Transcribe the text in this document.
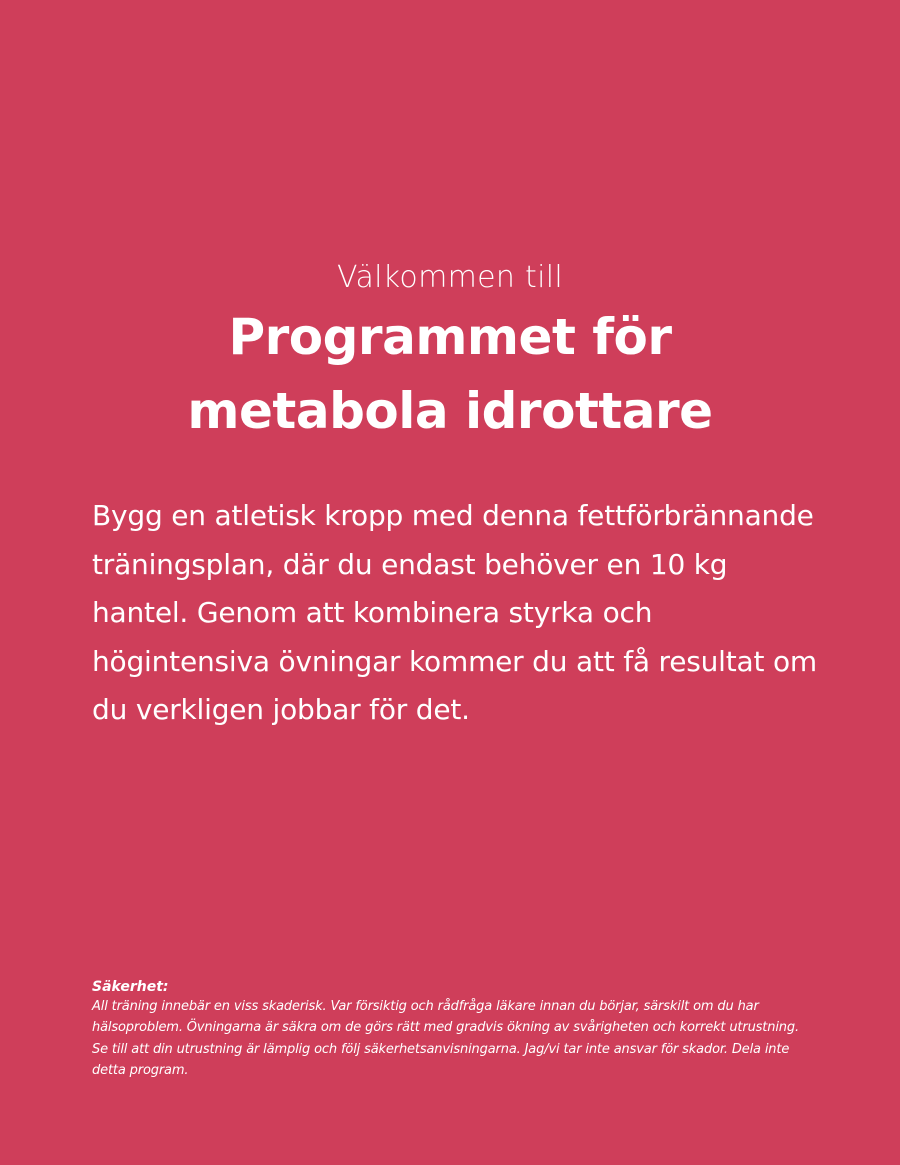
Välkommen till
Programmet för
metabola idrottare

Bygg en atletisk kropp med denna fettförbrännande träningsplan, där du endast behöver en 10 kg hantel. Genom att kombinera styrka och högintensiva övningar kommer du att få resultat om du verkligen jobbar för det.

Säkerhet:
All träning innebär en viss skaderisk. Var försiktig och rådfråga läkare innan du börjar, särskilt om du har hälsoproblem. Övningarna är säkra om de görs rätt med gradvis ökning av svårigheten och korrekt utrustning. Se till att din utrustning är lämplig och följ säkerhetsanvisningarna. Jag/vi tar inte ansvar för skador. Dela inte detta program.
